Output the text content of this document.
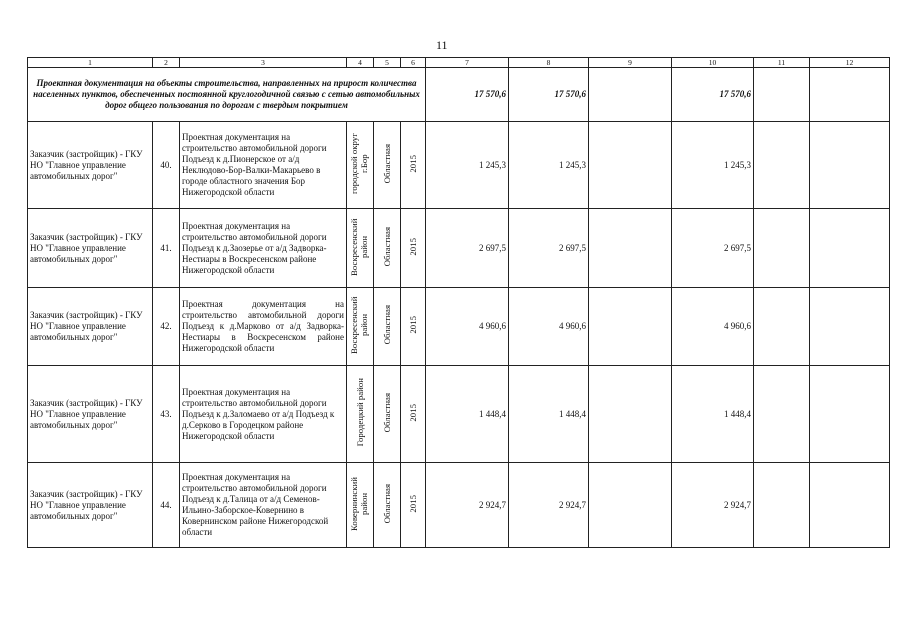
11
1	2	3	4	5	6	7	8	9	10	11	12
Проектная документация на объекты строительства, направленных на прирост количества населенных пунктов, обеспеченных постоянной круглогодичной связью с сетью автомобильных дорог общего пользования по дорогам с твердым покрытием						17 570,6	17 570,6		17 570,6		
Заказчик (застройщик) - ГКУ НО "Главное управление автомобильных дорог"	40.	Проектная документация на строительство автомобильной дороги Подъезд к д.Пионерское от а/д Неклюдово-Бор-Валки-Макарьево в городе областного значения Бор Нижегородской области	городской округ г.Бор	Областная	2015	1 245,3	1 245,3		1 245,3		
Заказчик (застройщик) - ГКУ НО "Главное управление автомобильных дорог"	41.	Проектная документация на строительство автомобильной дороги Подъезд к д.Заозерье от а/д Задворка-Нестиары в Воскресенском районе Нижегородской области	Воскресенский район	Областная	2015	2 697,5	2 697,5		2 697,5		
Заказчик (застройщик) - ГКУ НО "Главное управление автомобильных дорог"	42.	Проектная документация на строительство автомобильной дороги Подъезд к д.Марково от а/д Задворка-Нестиары в Воскресенском районе Нижегородской области	Воскресенский район	Областная	2015	4 960,6	4 960,6		4 960,6		
Заказчик (застройщик) - ГКУ НО "Главное управление автомобильных дорог"	43.	Проектная документация на строительство автомобильной дороги Подъезд к д.Заломаево от а/д Подъезд к д.Серково в Городецком районе Нижегородской области	Городецкий район	Областная	2015	1 448,4	1 448,4		1 448,4		
Заказчик (застройщик) - ГКУ НО "Главное управление автомобильных дорог"	44.	Проектная документация на строительство автомобильной дороги Подъезд к д.Талица от а/д Семенов-Ильино-Заборское-Ковернино в Ковернинском районе Нижегородской области	Ковернинский район	Областная	2015	2 924,7	2 924,7		2 924,7		
